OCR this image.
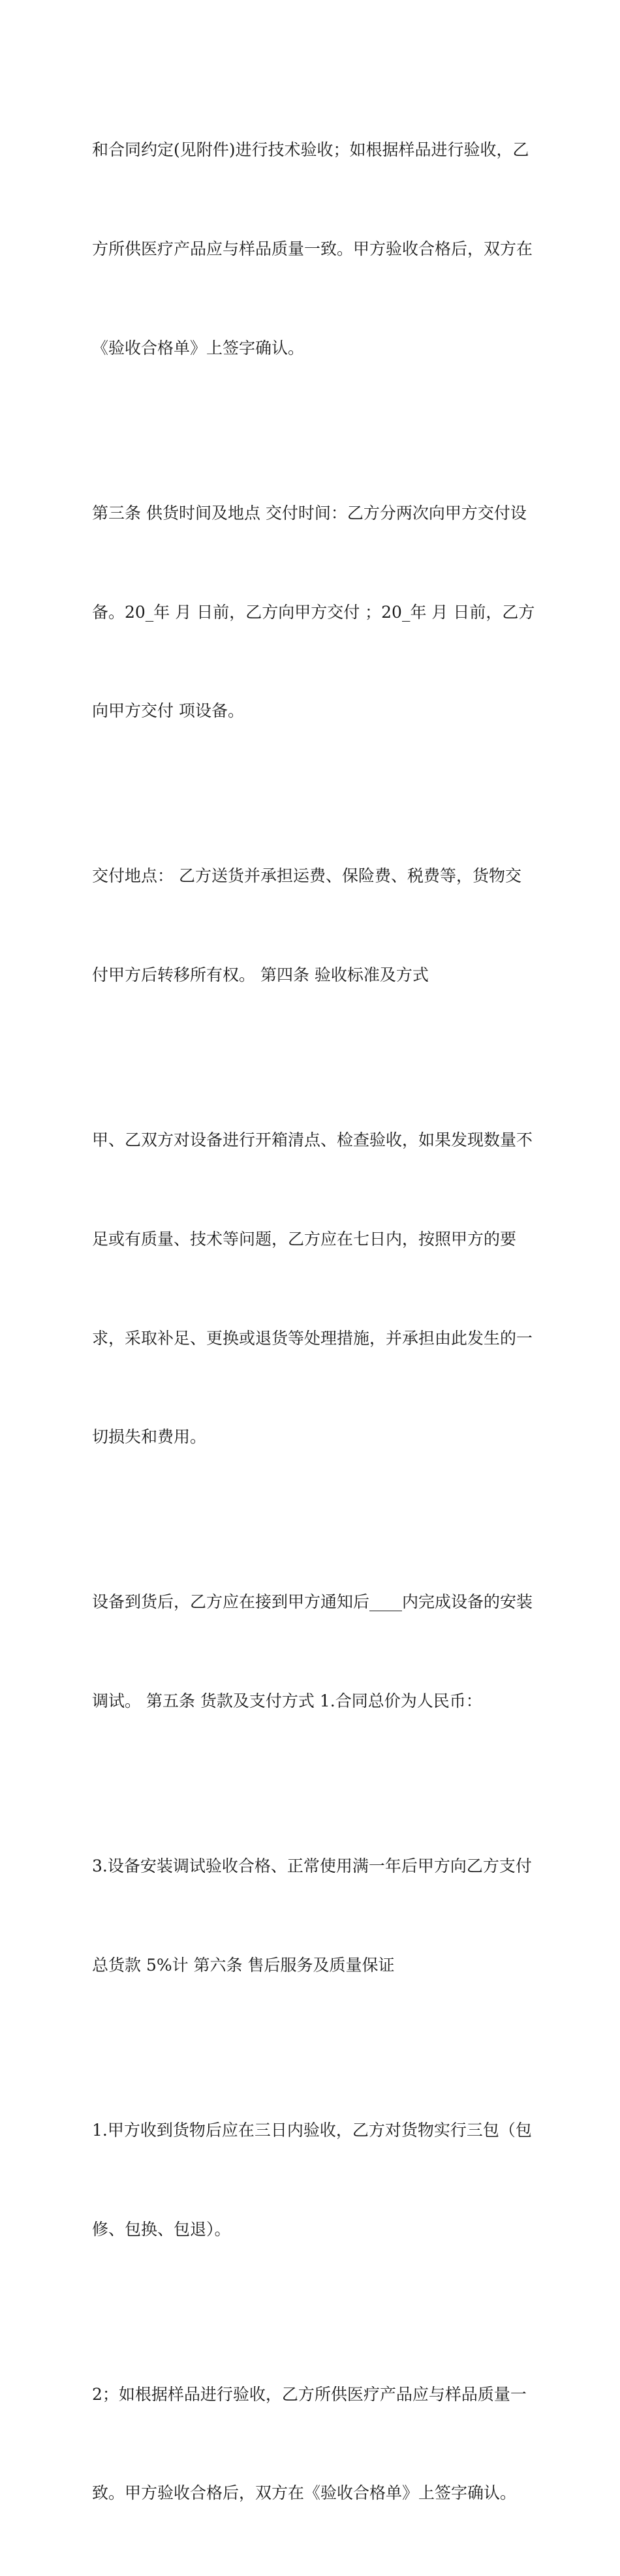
和合同约定(见附件)进行技术验收；如根据样品进行验收，乙

方所供医疗产品应与样品质量一致。甲方验收合格后，双方在

《验收合格单》上签字确认。

第三条 供货时间及地点 交付时间：乙方分两次向甲方交付设

备。20_年 月 日前，乙方向甲方交付 ；20_年 月 日前，乙方

向甲方交付 项设备。

交付地点： 乙方送货并承担运费、保险费、税费等，货物交

付甲方后转移所有权。 第四条 验收标准及方式

甲、乙双方对设备进行开箱清点、检查验收，如果发现数量不

足或有质量、技术等问题，乙方应在七日内，按照甲方的要

求，采取补足、更换或退货等处理措施，并承担由此发生的一

切损失和费用。

设备到货后，乙方应在接到甲方通知后____内完成设备的安装

调试。 第五条 货款及支付方式 1.合同总价为人民币：

3.设备安装调试验收合格、正常使用满一年后甲方向乙方支付

总货款 5%计 第六条 售后服务及质量保证

1.甲方收到货物后应在三日内验收，乙方对货物实行三包（包

修、包换、包退）。

2；如根据样品进行验收，乙方所供医疗产品应与样品质量一

致。甲方验收合格后，双方在《验收合格单》上签字确认。
